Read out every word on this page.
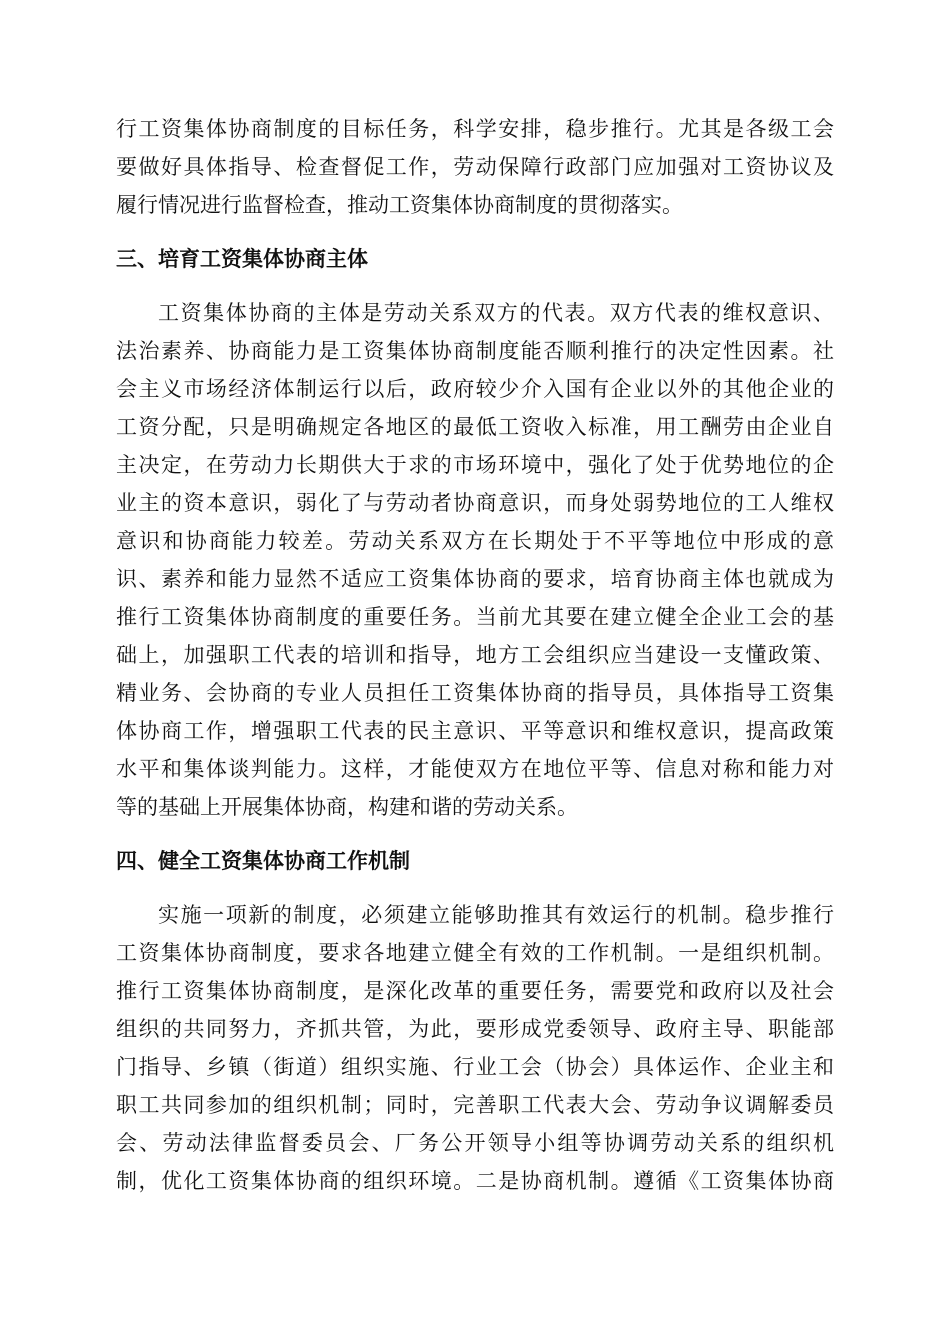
行工资集体协商制度的目标任务，科学安排，稳步推行。尤其是各级工会
要做好具体指导、检查督促工作，劳动保障行政部门应加强对工资协议及
履行情况进行监督检查，推动工资集体协商制度的贯彻落实。
三、培育工资集体协商主体
工资集体协商的主体是劳动关系双方的代表。双方代表的维权意识、
法治素养、协商能力是工资集体协商制度能否顺利推行的决定性因素。社
会主义市场经济体制运行以后，政府较少介入国有企业以外的其他企业的
工资分配，只是明确规定各地区的最低工资收入标准，用工酬劳由企业自
主决定，在劳动力长期供大于求的市场环境中，强化了处于优势地位的企
业主的资本意识，弱化了与劳动者协商意识，而身处弱势地位的工人维权
意识和协商能力较差。劳动关系双方在长期处于不平等地位中形成的意
识、素养和能力显然不适应工资集体协商的要求，培育协商主体也就成为
推行工资集体协商制度的重要任务。当前尤其要在建立健全企业工会的基
础上，加强职工代表的培训和指导，地方工会组织应当建设一支懂政策、
精业务、会协商的专业人员担任工资集体协商的指导员，具体指导工资集
体协商工作，增强职工代表的民主意识、平等意识和维权意识，提高政策
水平和集体谈判能力。这样，才能使双方在地位平等、信息对称和能力对
等的基础上开展集体协商，构建和谐的劳动关系。
四、健全工资集体协商工作机制
实施一项新的制度，必须建立能够助推其有效运行的机制。稳步推行
工资集体协商制度，要求各地建立健全有效的工作机制。一是组织机制。
推行工资集体协商制度，是深化改革的重要任务，需要党和政府以及社会
组织的共同努力，齐抓共管，为此，要形成党委领导、政府主导、职能部
门指导、乡镇（街道）组织实施、行业工会（协会）具体运作、企业主和
职工共同参加的组织机制；同时，完善职工代表大会、劳动争议调解委员
会、劳动法律监督委员会、厂务公开领导小组等协调劳动关系的组织机
制，优化工资集体协商的组织环境。二是协商机制。遵循《工资集体协商
